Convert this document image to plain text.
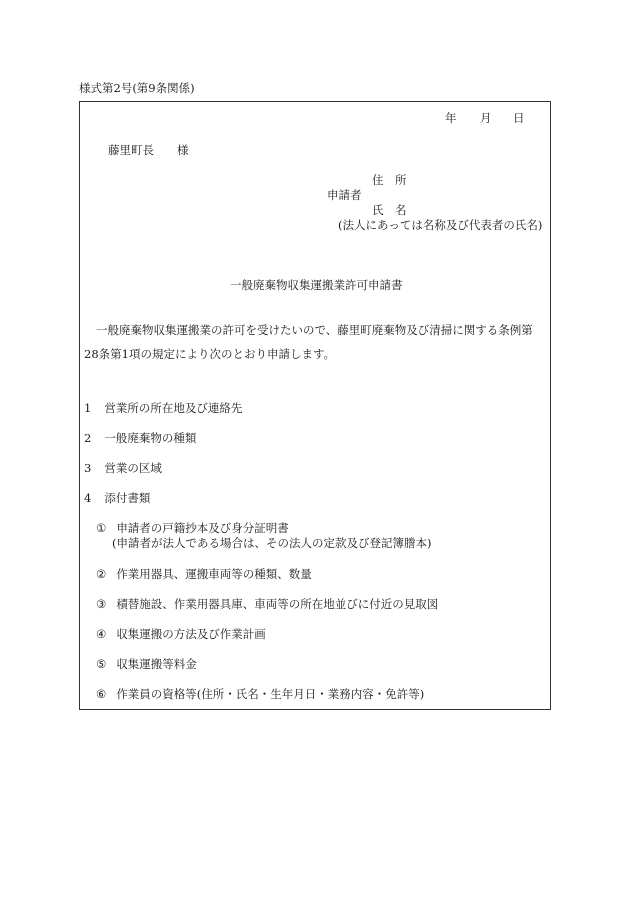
様式第2号(第9条関係)
年 月 日
藤里町長　　様
住　所
申請者
氏　名
(法人にあっては名称及び代表者の氏名)
一般廃棄物収集運搬業許可申請書
一般廃棄物収集運搬業の許可を受けたいので、藤里町廃棄物及び清掃に関する条例第
28条第1項の規定により次のとおり申請します。
1 営業所の所在地及び連絡先
2 一般廃棄物の種類
3 営業の区域
4 添付書類
① 申請者の戸籍抄本及び身分証明書
(申請者が法人である場合は、その法人の定款及び登記簿謄本)
② 作業用器具、運搬車両等の種類、数量
③ 積替施設、作業用器具庫、車両等の所在地並びに付近の見取図
④ 収集運搬の方法及び作業計画
⑤ 収集運搬等料金
⑥ 作業員の資格等(住所・氏名・生年月日・業務内容・免許等)
